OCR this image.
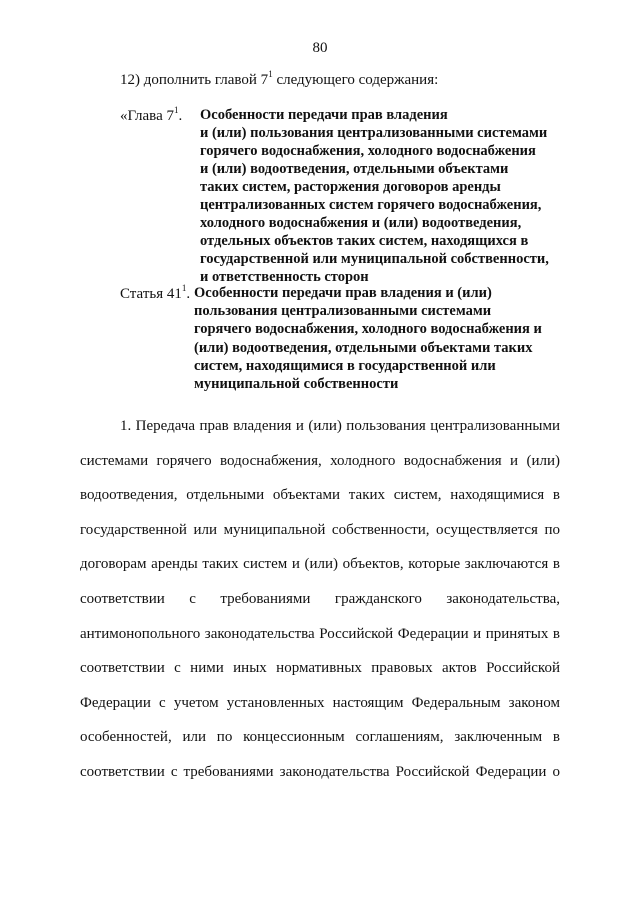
80
12) дополнить главой $7^1$ следующего содержания:
«Глава $7^1$. Особенности передачи прав владения
и (или) пользования централизованными системами
горячего водоснабжения, холодного водоснабжения
и (или) водоотведения, отдельными объектами
таких систем, расторжения договоров аренды
централизованных систем горячего водоснабжения,
холодного водоснабжения и (или) водоотведения,
отдельных объектов таких систем, находящихся в
государственной или муниципальной собственности,
и ответственность сторон
Статья $41^1$. Особенности передачи прав владения и (или)
пользования централизованными системами
горячего водоснабжения, холодного водоснабжения и
(или) водоотведения, отдельными объектами таких
систем, находящимися в государственной или
муниципальной собственности
1. Передача прав владения и (или) пользования централизованными
системами горячего водоснабжения, холодного водоснабжения и (или)
водоотведения, отдельными объектами таких систем, находящимися в
государственной или муниципальной собственности, осуществляется по
договорам аренды таких систем и (или) объектов, которые заключаются в
соответствии с требованиями гражданского законодательства,
антимонопольного законодательства Российской Федерации и принятых в
соответствии с ними иных нормативных правовых актов Российской
Федерации с учетом установленных настоящим Федеральным законом
особенностей, или по концессионным соглашениям, заключенным в
соответствии с требованиями законодательства Российской Федерации о
